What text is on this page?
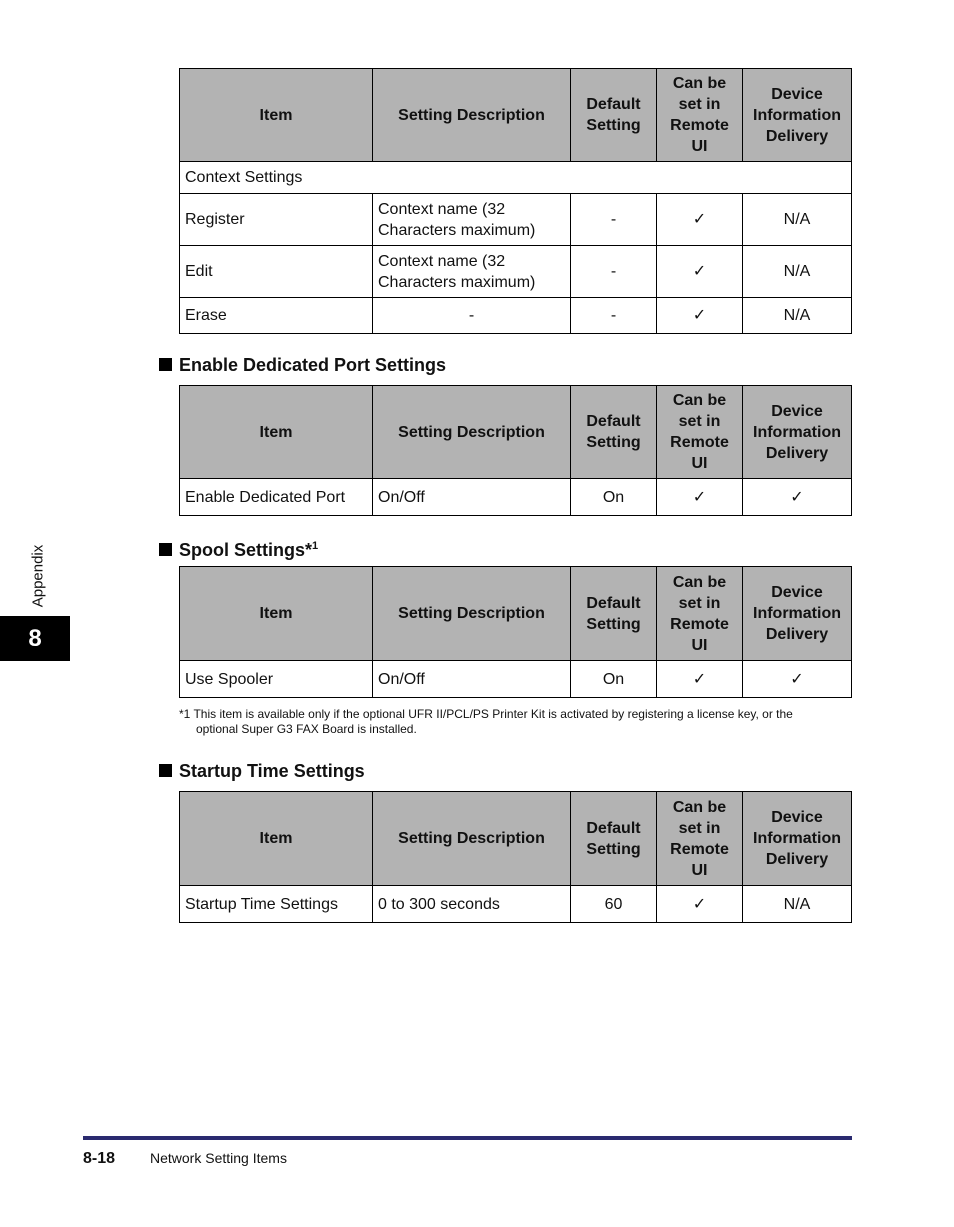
Item	Setting Description	Default Setting	Can be set in Remote UI	Device Information Delivery
Context Settings				
Register	Context name (32 Characters maximum)	-	✓	N/A
Edit	Context name (32 Characters maximum)	-	✓	N/A
Erase	-	-	✓	N/A
Enable Dedicated Port Settings
Item	Setting Description	Default Setting	Can be set in Remote UI	Device Information Delivery
Enable Dedicated Port	On/Off	On	✓	✓
Spool Settings*$^1$
Item	Setting Description	Default Setting	Can be set in Remote UI	Device Information Delivery
Use Spooler	On/Off	On	✓	✓
*1 This item is available only if the optional UFR II/PCL/PS Printer Kit is activated by registering a license key, or the
optional Super G3 FAX Board is installed.
Startup Time Settings
Item	Setting Description	Default Setting	Can be set in Remote UI	Device Information Delivery
Startup Time Settings	0 to 300 seconds	60	✓	N/A
Appendix
8
8-18 Network Setting Items
